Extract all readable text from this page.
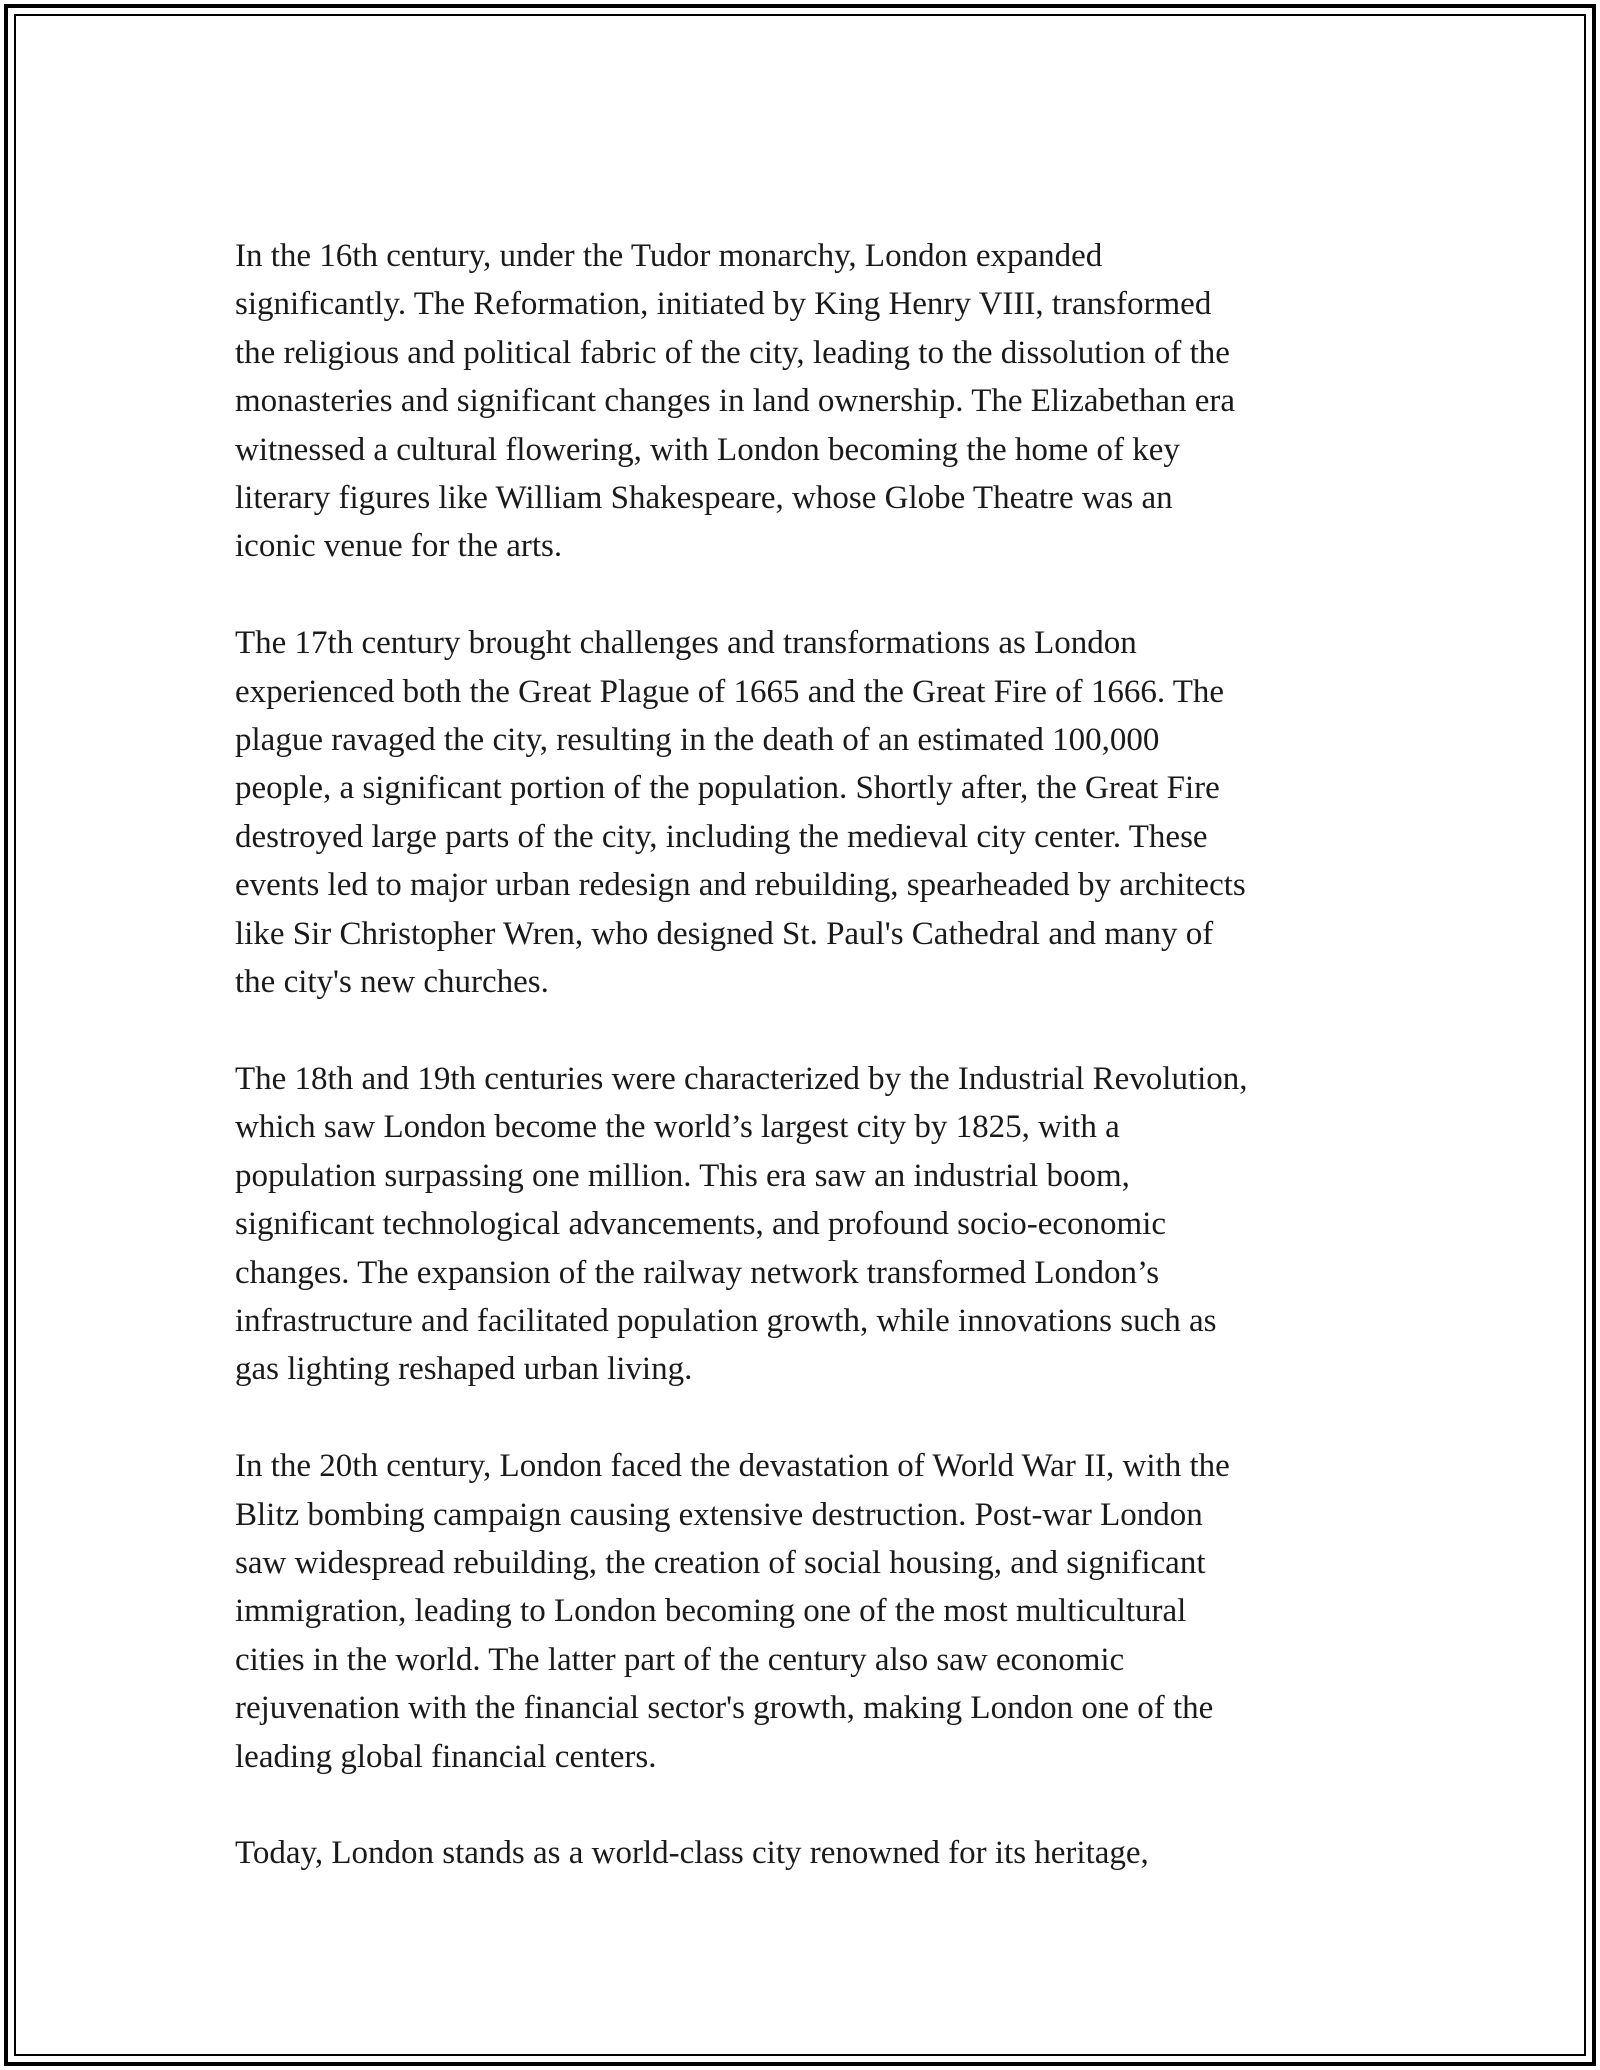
In the 16th century, under the Tudor monarchy, London expanded
significantly. The Reformation, initiated by King Henry VIII, transformed
the religious and political fabric of the city, leading to the dissolution of the
monasteries and significant changes in land ownership. The Elizabethan era
witnessed a cultural flowering, with London becoming the home of key
literary figures like William Shakespeare, whose Globe Theatre was an
iconic venue for the arts.

The 17th century brought challenges and transformations as London
experienced both the Great Plague of 1665 and the Great Fire of 1666. The
plague ravaged the city, resulting in the death of an estimated 100,000
people, a significant portion of the population. Shortly after, the Great Fire
destroyed large parts of the city, including the medieval city center. These
events led to major urban redesign and rebuilding, spearheaded by architects
like Sir Christopher Wren, who designed St. Paul's Cathedral and many of
the city's new churches.

The 18th and 19th centuries were characterized by the Industrial Revolution,
which saw London become the world’s largest city by 1825, with a
population surpassing one million. This era saw an industrial boom,
significant technological advancements, and profound socio-economic
changes. The expansion of the railway network transformed London’s
infrastructure and facilitated population growth, while innovations such as
gas lighting reshaped urban living.

In the 20th century, London faced the devastation of World War II, with the
Blitz bombing campaign causing extensive destruction. Post-war London
saw widespread rebuilding, the creation of social housing, and significant
immigration, leading to London becoming one of the most multicultural
cities in the world. The latter part of the century also saw economic
rejuvenation with the financial sector's growth, making London one of the
leading global financial centers.

Today, London stands as a world-class city renowned for its heritage,
